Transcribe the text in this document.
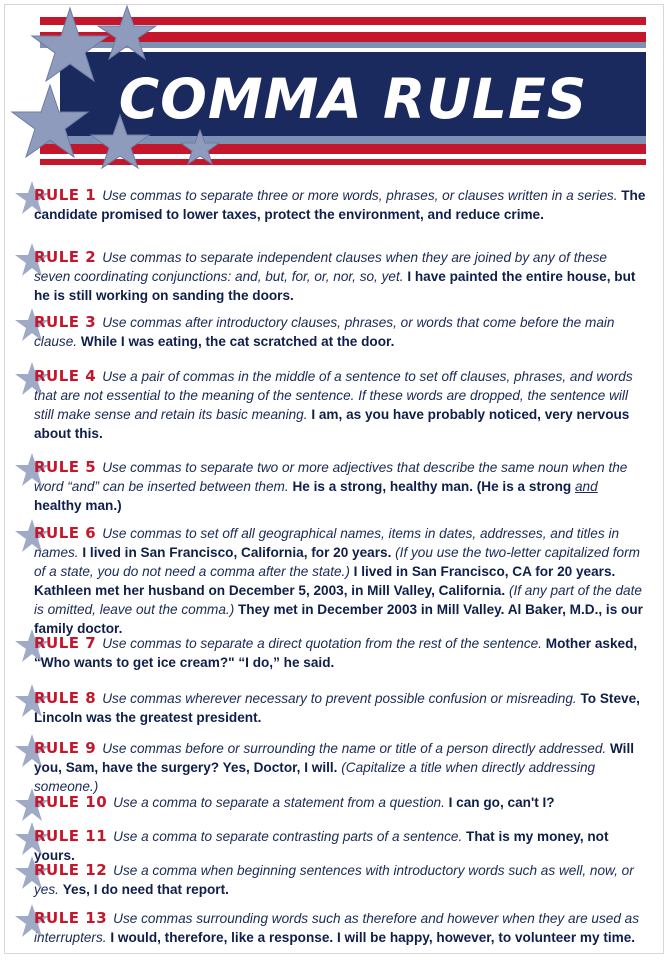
COMMA RULES
RULE 1 Use commas to separate three or more words, phrases, or clauses written in a series. The candidate promised to lower taxes, protect the environment, and reduce crime.
RULE 2 Use commas to separate independent clauses when they are joined by any of these seven coordinating conjunctions: and, but, for, or, nor, so, yet. I have painted the entire house, but he is still working on sanding the doors.
RULE 3 Use commas after introductory clauses, phrases, or words that come before the main clause. While I was eating, the cat scratched at the door.
RULE 4 Use a pair of commas in the middle of a sentence to set off clauses, phrases, and words that are not essential to the meaning of the sentence. If these words are dropped, the sentence will still make sense and retain its basic meaning. I am, as you have probably noticed, very nervous about this.
RULE 5 Use commas to separate two or more adjectives that describe the same noun when the word “and” can be inserted between them. He is a strong, healthy man. (He is a strong and healthy man.)
RULE 6 Use commas to set off all geographical names, items in dates, addresses, and titles in names. I lived in San Francisco, California, for 20 years. (If you use the two-letter capitalized form of a state, you do not need a comma after the state.) I lived in San Francisco, CA for 20 years. Kathleen met her husband on December 5, 2003, in Mill Valley, California. (If any part of the date is omitted, leave out the comma.) They met in December 2003 in Mill Valley. Al Baker, M.D., is our family doctor.
RULE 7 Use commas to separate a direct quotation from the rest of the sentence. Mother asked, “Who wants to get ice cream?" “I do,” he said.
RULE 8 Use commas wherever necessary to prevent possible confusion or misreading. To Steve, Lincoln was the greatest president.
RULE 9 Use commas before or surrounding the name or title of a person directly addressed. Will you, Sam, have the surgery? Yes, Doctor, I will. (Capitalize a title when directly addressing someone.)
RULE 10 Use a comma to separate a statement from a question. I can go, can't I?
RULE 11 Use a comma to separate contrasting parts of a sentence. That is my money, not yours.
RULE 12 Use a comma when beginning sentences with introductory words such as well, now, or yes. Yes, I do need that report.
RULE 13 Use commas surrounding words such as therefore and however when they are used as interrupters. I would, therefore, like a response. I will be happy, however, to volunteer my time.
